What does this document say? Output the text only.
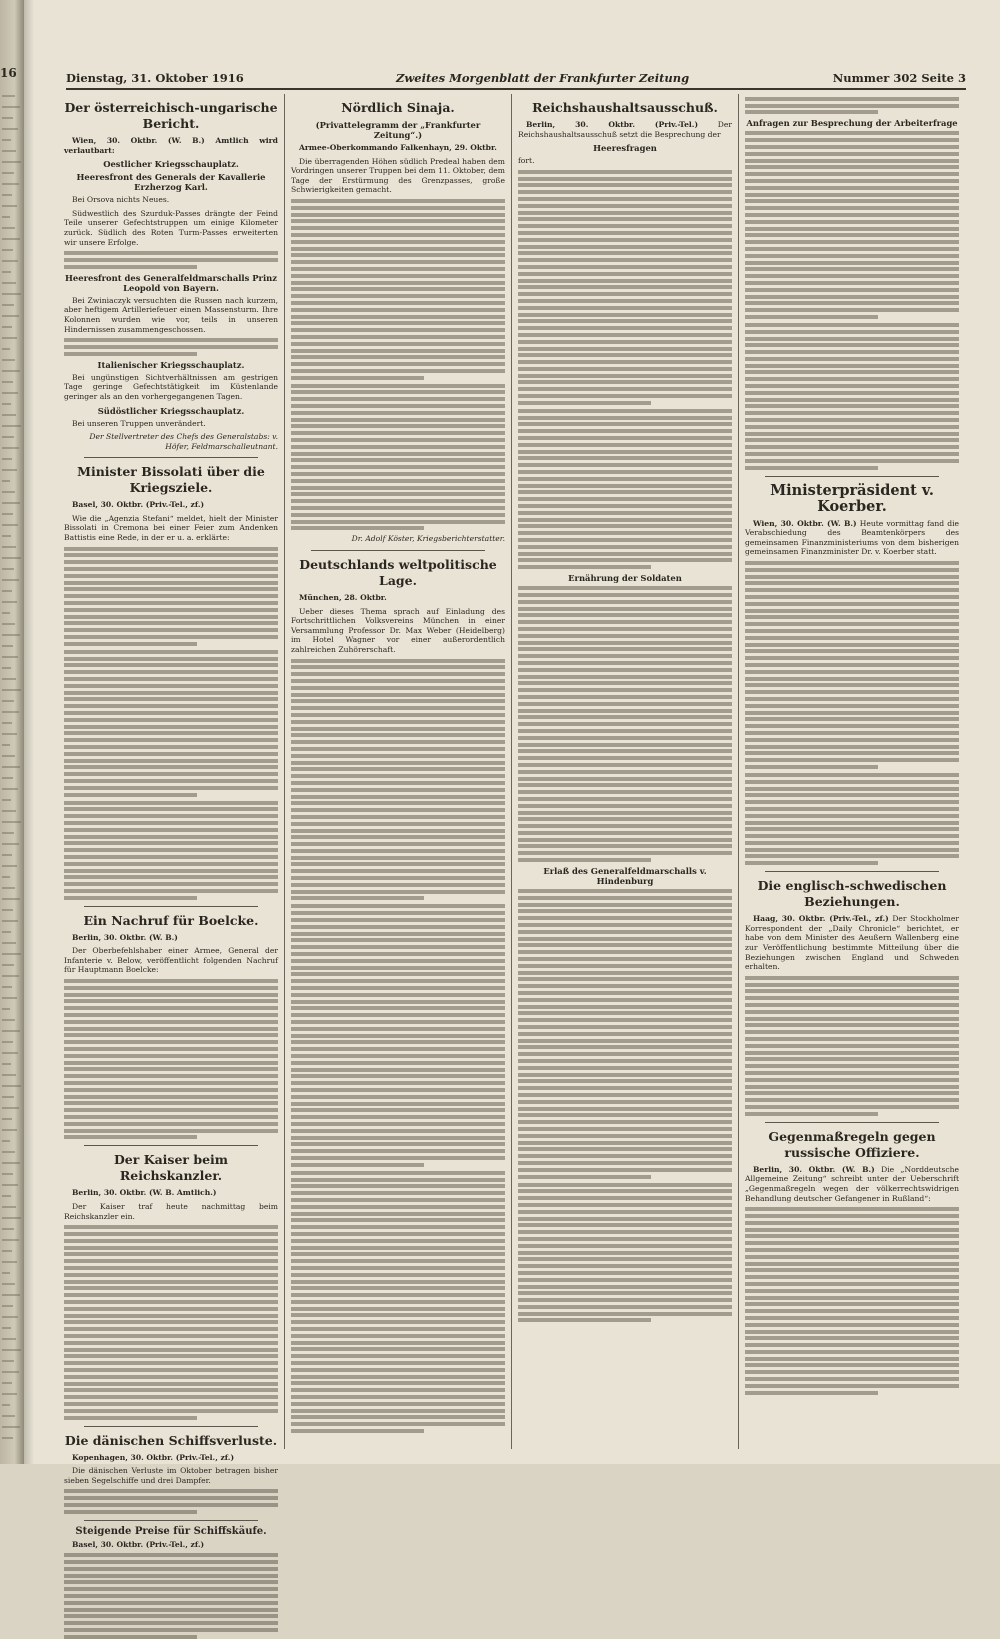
16	Dienstag, 31. Oktober 1916	Zweites Morgenblatt der Frankfurter Zeitung	Nummer 302 Seite 3
Der österreichisch-ungarische Bericht.

Wien, 30. Oktbr. (W. B.) Amtlich wird verlautbart:

Oestlicher Kriegsschauplatz.
Heeresfront des Generals der Kavallerie Erzherzog Karl.

Bei Orsova nichts Neues.

Südwestlich des Szurduk-Passes drängte der Feind Teile unserer Gefechtstruppen um einige Kilometer zurück. Südlich des Roten Turm-Passes erweiterten wir unsere Erfolge.

Heeresfront des Generalfeldmarschalls Prinz Leopold von Bayern.

Bei Zwiniaczyk versuchten die Russen nach kurzem, aber heftigem Artilleriefeuer einen Massensturm. Ihre Kolonnen wurden wie vor, teils in unseren Hindernissen zusammengeschossen.

Italienischer Kriegsschauplatz.

Bei ungünstigen Sichtverhältnissen am gestrigen Tage geringe Gefechtstätigkeit im Küstenlande geringer als an den vorhergegangenen Tagen.

Südöstlicher Kriegsschauplatz.

Bei unseren Truppen unverändert.

Der Stellvertreter des Chefs des Generalstabs: v. Höfer, Feldmarschalleutnant.

Minister Bissolati über die Kriegsziele.

Basel, 30. Oktbr. (Priv.-Tel., zf.)

Wie die „Agenzia Stefani“ meldet, hielt der Minister Bissolati in Cremona bei einer Feier zum Andenken Battistis eine Rede, in der er u. a. erklärte:

Ein Nachruf für Boelcke.

Berlin, 30. Oktbr. (W. B.)

Der Oberbefehlshaber einer Armee, General der Infanterie v. Below, veröffentlicht folgenden Nachruf für Hauptmann Boelcke:

Der Kaiser beim Reichskanzler.

Berlin, 30. Oktbr. (W. B. Amtlich.)

Der Kaiser traf heute nachmittag beim Reichskanzler ein.

Die dänischen Schiffsverluste.

Kopenhagen, 30. Oktbr. (Priv.-Tel., zf.)

Die dänischen Verluste im Oktober betragen bisher sieben Segelschiffe und drei Dampfer.

Steigende Preise für Schiffskäufe.

Basel, 30. Oktbr. (Priv.-Tel., zf.)

Nördlich Sinaja.
(Privattelegramm der „Frankfurter Zeitung“.)

Armee-Oberkommando Falkenhayn, 29. Oktbr.

Die überragenden Höhen südlich Predeal haben dem Vordringen unserer Truppen bei dem 11. Oktober, dem Tage der Erstürmung des Grenzpasses, große Schwierigkeiten gemacht.

Dr. Adolf Köster, Kriegsberichterstatter.

Deutschlands weltpolitische Lage.

München, 28. Oktbr.

Ueber dieses Thema sprach auf Einladung des Fortschrittlichen Volksvereins München in einer Versammlung Professor Dr. Max Weber (Heidelberg) im Hotel Wagner vor einer außerordentlich zahlreichen Zuhörerschaft.

Reichshaushaltsausschuß.

Berlin, 30. Oktbr. (Priv.-Tel.)	Der Reichshaushaltsausschuß setzt die Besprechung der

Heeresfragen

fort.

Ernährung der Soldaten
Erlaß des Generalfeldmarschalls v. Hindenburg
Anfragen zur Besprechung der Arbeiterfrage
Ministerpräsident v. Koerber.

Wien, 30. Oktbr. (W. B.) Heute vormittag fand die Verabschiedung des Beamtenkörpers des gemeinsamen Finanzministeriums von dem bisherigen gemeinsamen Finanzminister Dr. v. Koerber statt.

Die englisch-schwedischen Beziehungen.

Haag, 30. Oktbr. (Priv.-Tel., zf.) Der Stockholmer Korrespondent der „Daily Chronicle“ berichtet, er habe von dem Minister des Aeußern Wallenberg eine zur Veröffentlichung bestimmte Mitteilung über die Beziehungen zwischen England und Schweden erhalten.

Gegenmaßregeln gegen russische Offiziere.

Berlin, 30. Oktbr. (W. B.) Die „Norddeutsche Allgemeine Zeitung“ schreibt unter der Ueberschrift „Gegenmaßregeln wegen der völkerrechtswidrigen Behandlung deutscher Gefangener in Rußland“:
